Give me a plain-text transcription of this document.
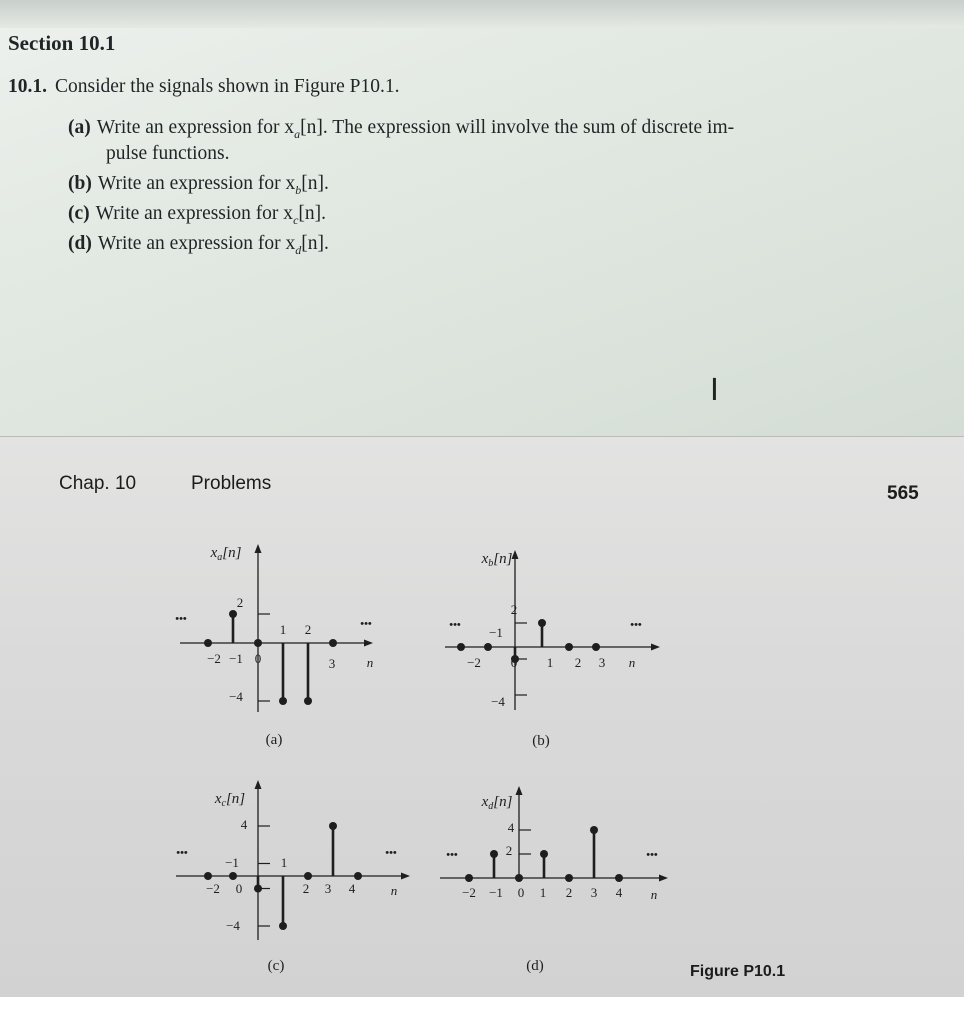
Section 10.1
10.1. Consider the signals shown in Figure P10.1.
(a) Write an expression for $x_a[n]$. The expression will involve the sum of discrete im-
pulse functions.
(b) Write an expression for $x_b[n]$.
(c) Write an expression for $x_c[n]$.
(d) Write an expression for $x_d[n]$.
I
Chap. 10	Problems	565
−2 −1 0
1 2
3
2
−4
•••	•••
n
(a)
$x_a[n]$
−2 0 1 2 3
2
−1
−4
•••	•••
n
(b)
$x_b[n]$
−2 0	2 3 4
4
−1	1
−4
•••	•••
n
(c)
$x_c[n]$
−2 −1 0 1 2 3 4
4
2
•••	•••
n
(d)
$x_d[n]$
Figure P10.1
